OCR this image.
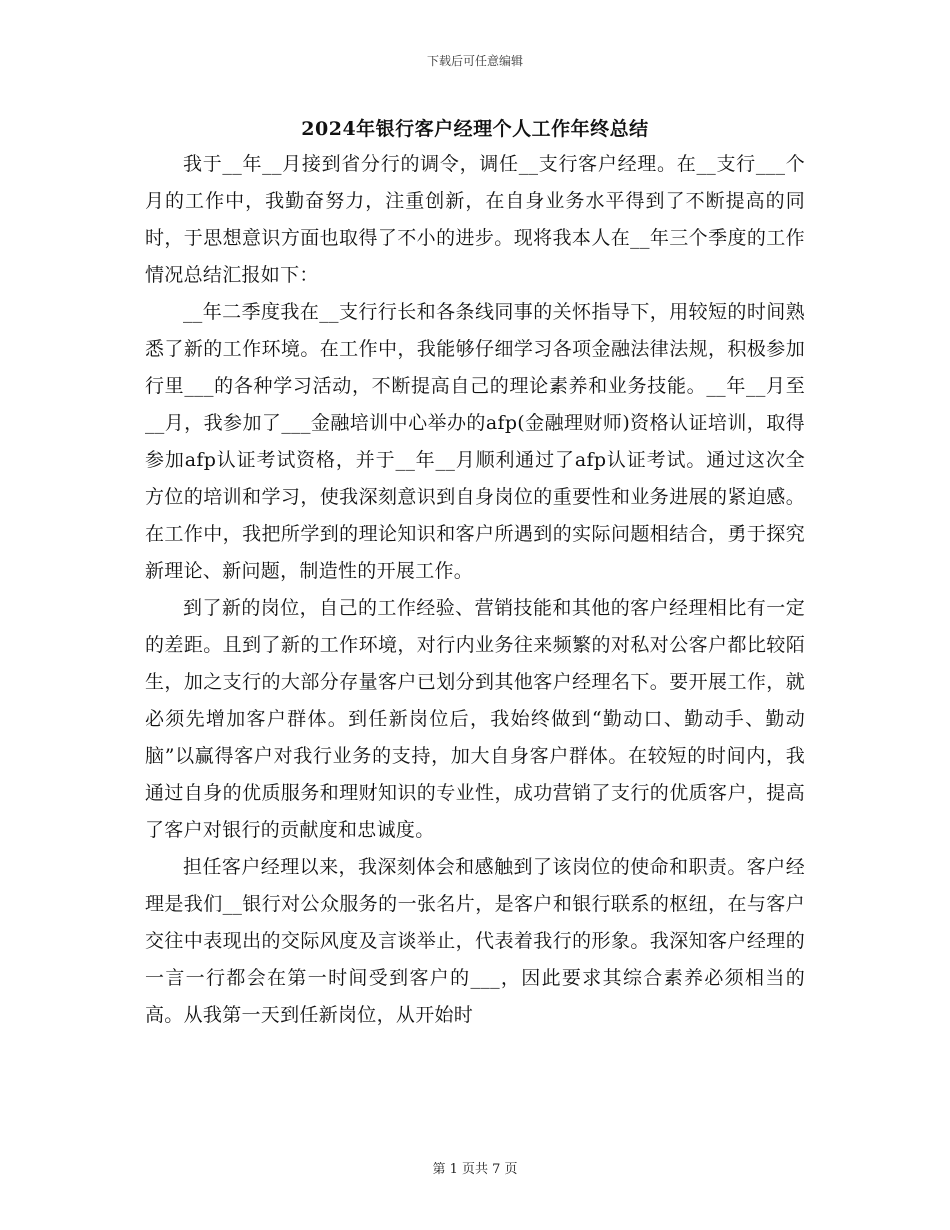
下载后可任意编辑
2024年银行客户经理个人工作年终总结

我于__年__月接到省分行的调令，调任__支行客户经理。在__支行___个月的工作中，我勤奋努力，注重创新，在自身业务水平得到了不断提高的同时，于思想意识方面也取得了不小的进步。现将我本人在__年三个季度的工作情况总结汇报如下：

__年二季度我在__支行行长和各条线同事的关怀指导下，用较短的时间熟悉了新的工作环境。在工作中，我能够仔细学习各项金融法律法规，积极参加行里___的各种学习活动，不断提高自己的理论素养和业务技能。__年__月至__月，我参加了___金融培训中心举办的afp(金融理财师)资格认证培训，取得参加afp认证考试资格，并于__年__月顺利通过了afp认证考试。通过这次全方位的培训和学习，使我深刻意识到自身岗位的重要性和业务进展的紧迫感。在工作中，我把所学到的理论知识和客户所遇到的实际问题相结合，勇于探究新理论、新问题，制造性的开展工作。

到了新的岗位，自己的工作经验、营销技能和其他的客户经理相比有一定的差距。且到了新的工作环境，对行内业务往来频繁的对私对公客户都比较陌生，加之支行的大部分存量客户已划分到其他客户经理名下。要开展工作，就必须先增加客户群体。到任新岗位后，我始终做到“勤动口、勤动手、勤动脑”以赢得客户对我行业务的支持，加大自身客户群体。在较短的时间内，我通过自身的优质服务和理财知识的专业性，成功营销了支行的优质客户，提高了客户对银行的贡献度和忠诚度。

担任客户经理以来，我深刻体会和感触到了该岗位的使命和职责。客户经理是我们__银行对公众服务的一张名片，是客户和银行联系的枢纽，在与客户交往中表现出的交际风度及言谈举止，代表着我行的形象。我深知客户经理的一言一行都会在第一时间受到客户的___，因此要求其综合素养必须相当的高。从我第一天到任新岗位，从开始时

第 1 页共 7 页
